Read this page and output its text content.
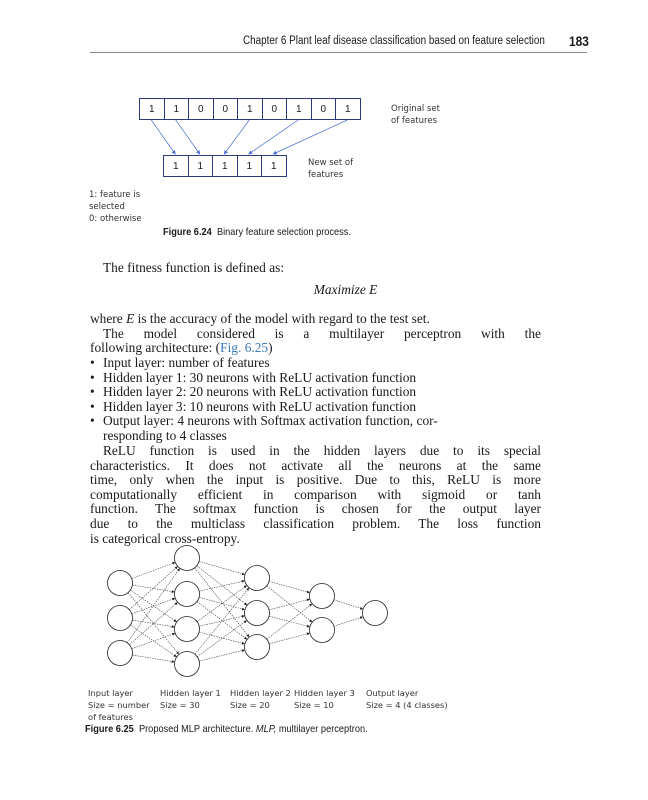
Chapter 6 Plant leaf disease classification based on feature selection 183
1	1	0	0	1	0	1	0	1
1	1	1	1	1
Original set
of features
New set of
features
1: feature is
selected
0: otherwise
Figure 6.24 Binary feature selection process.
The fitness function is defined as:
Maximize E
where E is the accuracy of the model with regard to the test set.
The model considered is a multilayer perceptron with the
following architecture: (Fig. 6.25)
• Input layer: number of features
• Hidden layer 1: 30 neurons with ReLU activation function
• Hidden layer 2: 20 neurons with ReLU activation function
• Hidden layer 3: 10 neurons with ReLU activation function
• Output layer: 4 neurons with Softmax activation function, cor-
responding to 4 classes
ReLU function is used in the hidden layers due to its special
characteristics. It does not activate all the neurons at the same
time, only when the input is positive. Due to this, ReLU is more
computationally efficient in comparison with sigmoid or tanh
function. The softmax function is chosen for the output layer
due to the multiclass classification problem. The loss function
is categorical cross-entropy.
Input layer
Size = number
of features
Hidden layer 1
Size = 30
Hidden layer 2
Size = 20
Hidden layer 3
Size = 10
Output layer
Size = 4 (4 classes)
Figure 6.25 Proposed MLP architecture. MLP, multilayer perceptron.
